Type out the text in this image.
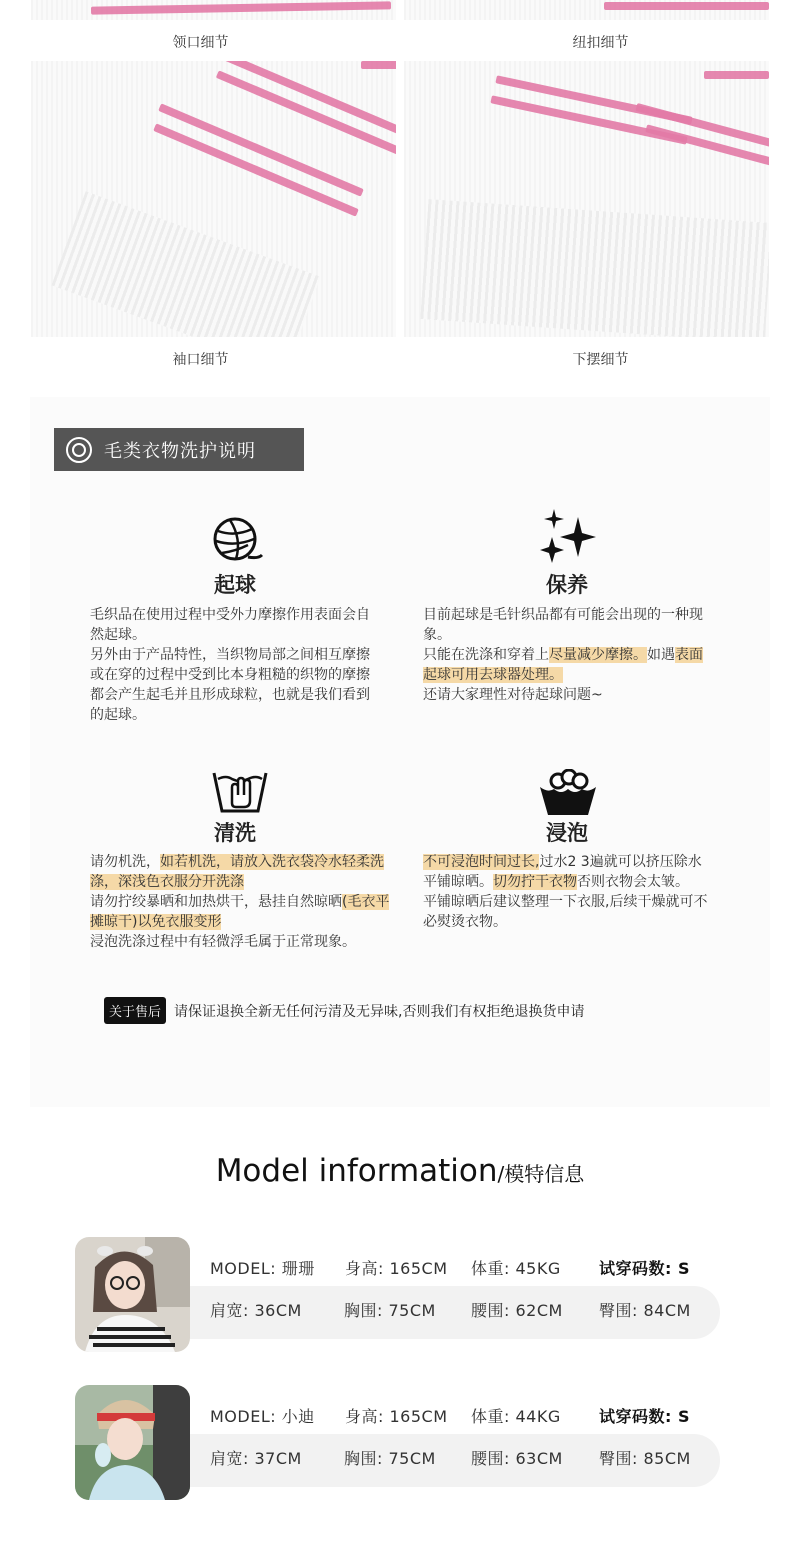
领口细节	纽扣细节
袖口细节	下摆细节
毛类衣物洗护说明
起球
毛织品在使用过程中受外力摩擦作用表面会自然起球。
另外由于产品特性，当织物局部之间相互摩擦或在穿的过程中受到比本身粗糙的织物的摩擦都会产生起毛并且形成球粒，也就是我们看到的起球。
保养
目前起球是毛针织品都有可能会出现的一种现象。
只能在洗涤和穿着上尽量减少摩擦。如遇表面起球可用去球器处理。
还请大家理性对待起球问题~
清洗
请勿机洗，如若机洗，请放入洗衣袋冷水轻柔洗涤，深浅色衣服分开洗涤
请勿拧绞暴晒和加热烘干，悬挂自然晾晒(毛衣平摊晾干)以免衣服变形
浸泡洗涤过程中有轻微浮毛属于正常现象。
浸泡
不可浸泡时间过长,过水2 3遍就可以挤压除水平铺晾晒。切勿拧干衣物否则衣物会太皱。
平铺晾晒后建议整理一下衣服,后续干燥就可不必熨烫衣物。
关于售后 请保证退换全新无任何污清及无异味,否则我们有权拒绝退换货申请
Model information/模特信息
MODEL: 珊珊 身高: 165CM 体重: 45KG 试穿码数: S
肩宽: 36CM	胸围: 75CM 腰围: 62CM 臀围: 84CM
MODEL: 小迪 身高: 165CM 体重: 44KG 试穿码数: S
肩宽: 37CM	胸围: 75CM 腰围: 63CM 臀围: 85CM
